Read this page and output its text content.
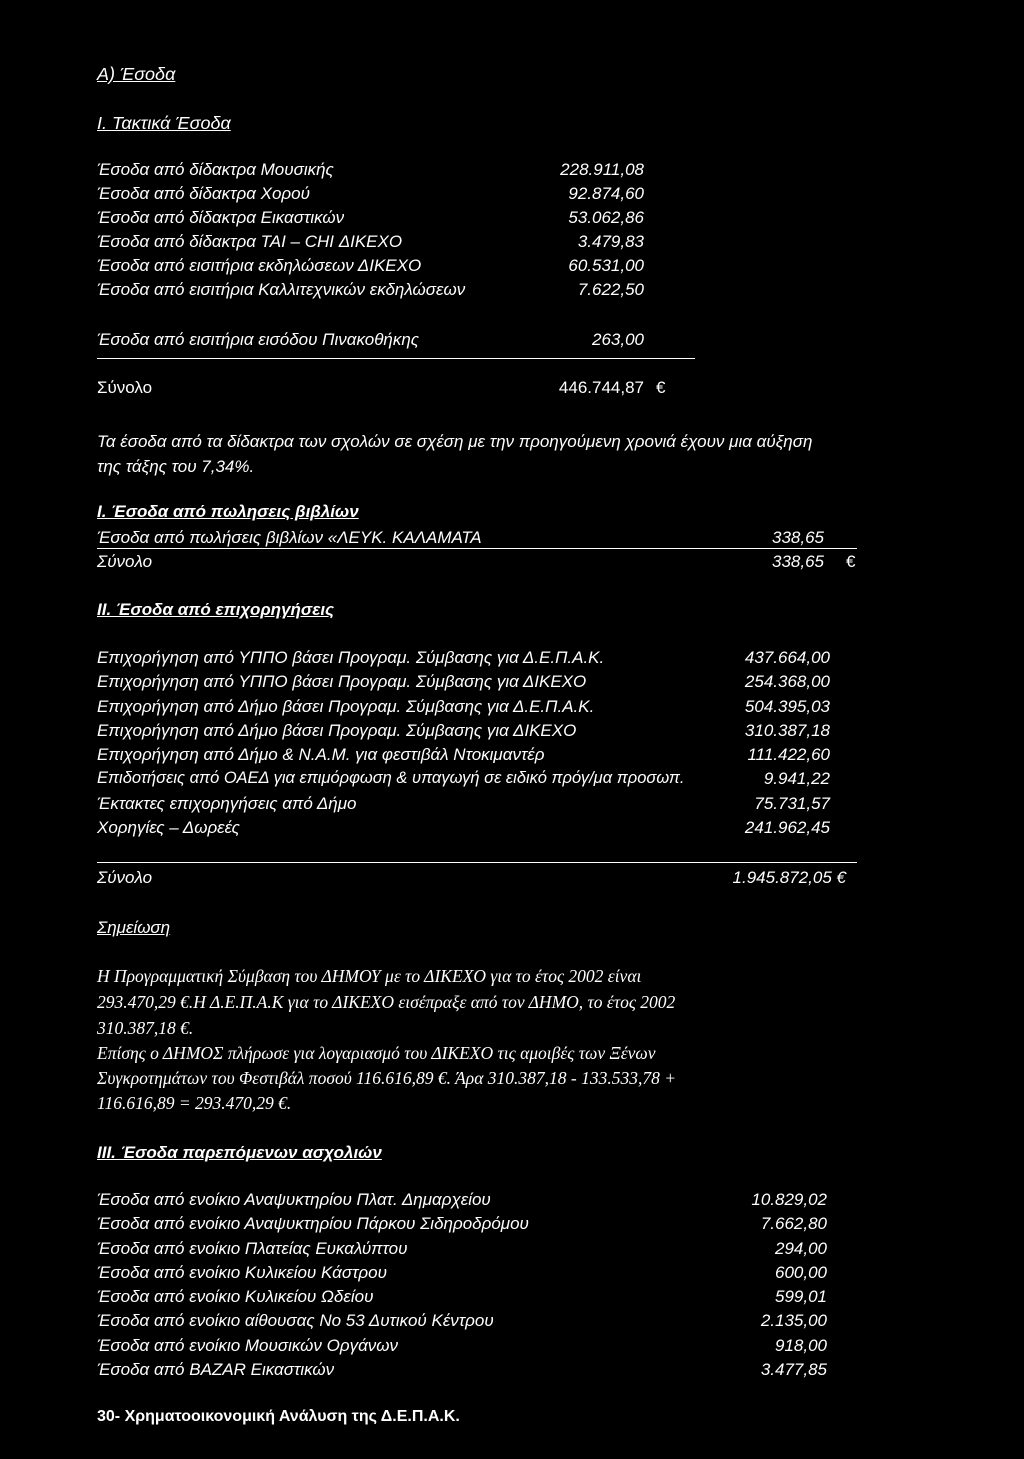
Α) Έσοδα
Ι. Τακτικά Έσοδα
Έσοδα από δίδακτρα Μουσικής	228.911,08
Έσοδα από δίδακτρα Χορού	92.874,60
Έσοδα από δίδακτρα Εικαστικών	53.062,86
Έσοδα από δίδακτρα ΤΑΙ – CHI ΔΙΚΕΧΟ	3.479,83
Έσοδα από εισιτήρια εκδηλώσεων ΔΙΚΕΧΟ	60.531,00
Έσοδα από εισιτήρια Καλλιτεχνικών εκδηλώσεων	7.622,50
Έσοδα από εισιτήρια εισόδου Πινακοθήκης	263,00
Σύνολο	446.744,87 €
Τα έσοδα από τα δίδακτρα των σχολών σε σχέση με την προηγούμενη χρονιά έχουν μια αύξηση
της τάξης του 7,34%.
Ι. Έσοδα από πωλησεις βιβλίων
Έσοδα από πωλήσεις βιβλίων «ΛΕΥΚ. ΚΑΛΑΜΑΤΑ	338,65
Σύνολο	338,65 €
ΙΙ. Έσοδα από επιχορηγήσεις
Επιχορήγηση από ΥΠΠΟ βάσει Προγραμ. Σύμβασης για Δ.Ε.Π.Α.Κ.	437.664,00
Επιχορήγηση από ΥΠΠΟ βάσει Προγραμ. Σύμβασης για ΔΙΚΕΧΟ	254.368,00
Επιχορήγηση από Δήμο βάσει Προγραμ. Σύμβασης για Δ.Ε.Π.Α.Κ.	504.395,03
Επιχορήγηση από Δήμο βάσει Προγραμ. Σύμβασης για ΔΙΚΕΧΟ	310.387,18
Επιχορήγηση από Δήμο & Ν.Α.Μ. για φεστιβάλ Ντοκιμαντέρ	111.422,60
Επιδοτήσεις από ΟΑΕΔ για επιμόρφωση & υπαγωγή σε ειδικό πρόγ/μα προσωπ.	9.941,22
Έκτακτες επιχορηγήσεις από Δήμο	75.731,57
Χορηγίες – Δωρεές	241.962,45
Σύνολο	1.945.872,05 €
Σημείωση
Η Προγραμματική Σύμβαση του ΔΗΜΟΥ με το ΔΙΚΕΧΟ για το έτος 2002 είναι
293.470,29 €.Η Δ.Ε.Π.Α.Κ για το ΔΙΚΕΧΟ εισέπραξε από τον ΔΗΜΟ, το έτος 2002
310.387,18 €.
Επίσης ο ΔΗΜΟΣ πλήρωσε για λογαριασμό του ΔΙΚΕΧΟ τις αμοιβές των Ξένων
Συγκροτημάτων του Φεστιβάλ ποσού 116.616,89 €. Άρα 310.387,18 - 133.533,78 +
116.616,89 = 293.470,29 €.
ΙΙΙ. Έσοδα παρεπόμενων ασχολιών
Έσοδα από ενοίκιο Αναψυκτηρίου Πλατ. Δημαρχείου	10.829,02
Έσοδα από ενοίκιο Αναψυκτηρίου Πάρκου Σιδηροδρόμου	7.662,80
Έσοδα από ενοίκιο Πλατείας Ευκαλύπτου	294,00
Έσοδα από ενοίκιο Κυλικείου Κάστρου	600,00
Έσοδα από ενοίκιο Κυλικείου Ωδείου	599,01
Έσοδα από ενοίκιο αίθουσας Νο 53 Δυτικού Κέντρου	2.135,00
Έσοδα από ενοίκιο Μουσικών Οργάνων	918,00
Έσοδα από BAZAR Εικαστικών	3.477,85
30- Χρηματοοικονομική Ανάλυση της Δ.Ε.Π.Α.Κ.
